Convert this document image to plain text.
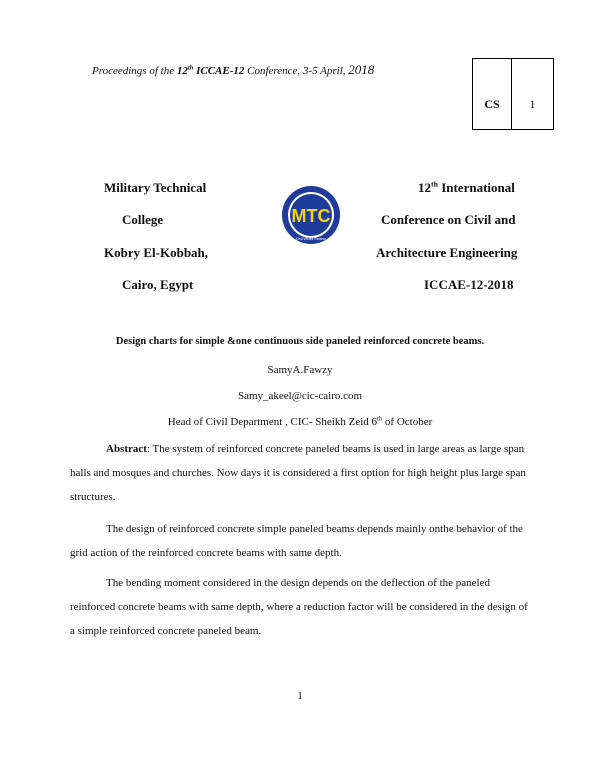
Proceedings of the 12th ICCAE-12 Conference, 3-5 April, 2018
CS	1
Military Technical
College
Kobry El-Kobbah,
Cairo, Egypt
MTC
Civil Works Section
12th International
Conference on Civil and
Architecture Engineering
ICCAE-12-2018
Design charts for simple &one continuous side paneled reinforced concrete beams.
SamyA.Fawzy
Samy_akeel@cic-cairo.com
Head of Civil Department , CIC- Sheikh Zeid 6th of October
Abstract: The system of reinforced concrete paneled beams is used in large areas as large span halls and mosques and churches. Now days it is considered a first option for high height plus large span structures.
The design of reinforced concrete simple paneled beams depends mainly onthe behavior of the grid action of the reinforced concrete beams with same depth.
The bending moment considered in the design depends on the deflection of the paneled reinforced concrete beams with same depth, where a reduction factor will be considered in the design of a simple reinforced concrete paneled beam.
1
